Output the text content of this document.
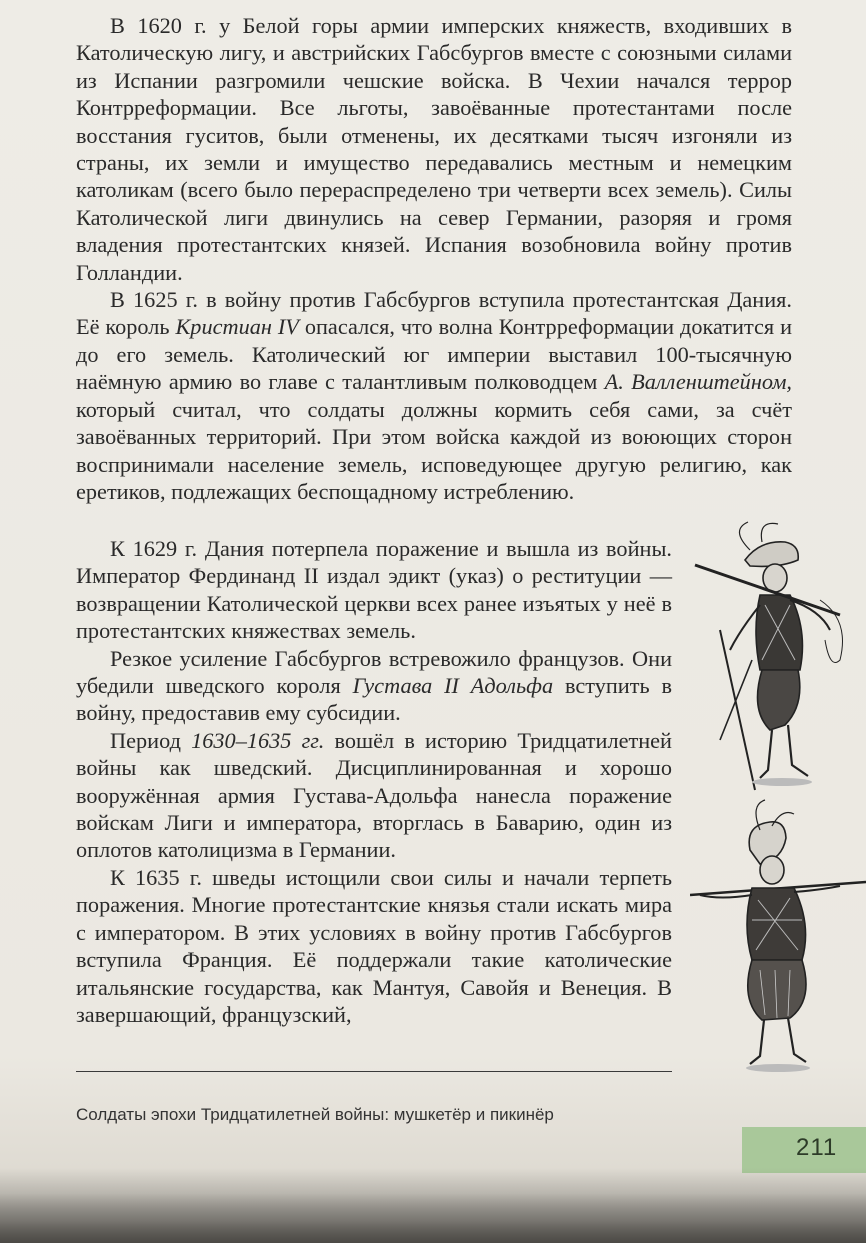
В 1620 г. у Белой горы армии имперских княжеств, входивших в Католическую лигу, и австрийских Габсбургов вместе с союзными силами из Испании разгромили чешские войска. В Чехии начался террор Контрреформации. Все льготы, завоёванные протестантами после восстания гуситов, были отменены, их десятками тысяч изгоняли из страны, их земли и имущество передавались местным и немецким католикам (всего было перераспределено три четверти всех земель). Силы Католической лиги двинулись на север Германии, разоряя и громя владения протестантских князей. Испания возобновила войну против Голландии.

В 1625 г. в войну против Габсбургов вступила протестантская Дания. Её король Кристиан IV опасался, что волна Контрреформации докатится и до его земель. Католический юг империи выставил 100-тысячную наёмную армию во главе с талантливым полководцем А. Валленштейном, который считал, что солдаты должны кормить себя сами, за счёт завоёванных территорий. При этом войска каждой из воюющих сторон воспринимали население земель, исповедующее другую религию, как еретиков, подлежащих беспощадному истреблению.

К 1629 г. Дания потерпела поражение и вышла из войны. Император Фердинанд II издал эдикт (указ) о реституции — возвращении Католической церкви всех ранее изъятых у неё в протестантских княжествах земель.

Резкое усиление Габсбургов встревожило французов. Они убедили шведского короля Густава II Адольфа вступить в войну, предоставив ему субсидии.

Период 1630–1635 гг. вошёл в историю Тридцатилетней войны как шведский. Дисциплинированная и хорошо вооружённая армия Густава-Адольфа нанесла поражение войскам Лиги и императора, вторглась в Баварию, один из оплотов католицизма в Германии.

К 1635 г. шведы истощили свои силы и начали терпеть поражения. Многие протестантские князья стали искать мира с императором. В этих условиях в войну против Габсбургов вступила Франция. Её поддержали такие католические итальянские государства, как Мантуя, Савойя и Венеция. В завершающий, французский,

Солдаты эпохи Тридцатилетней войны: мушкетёр и пикинёр
211
